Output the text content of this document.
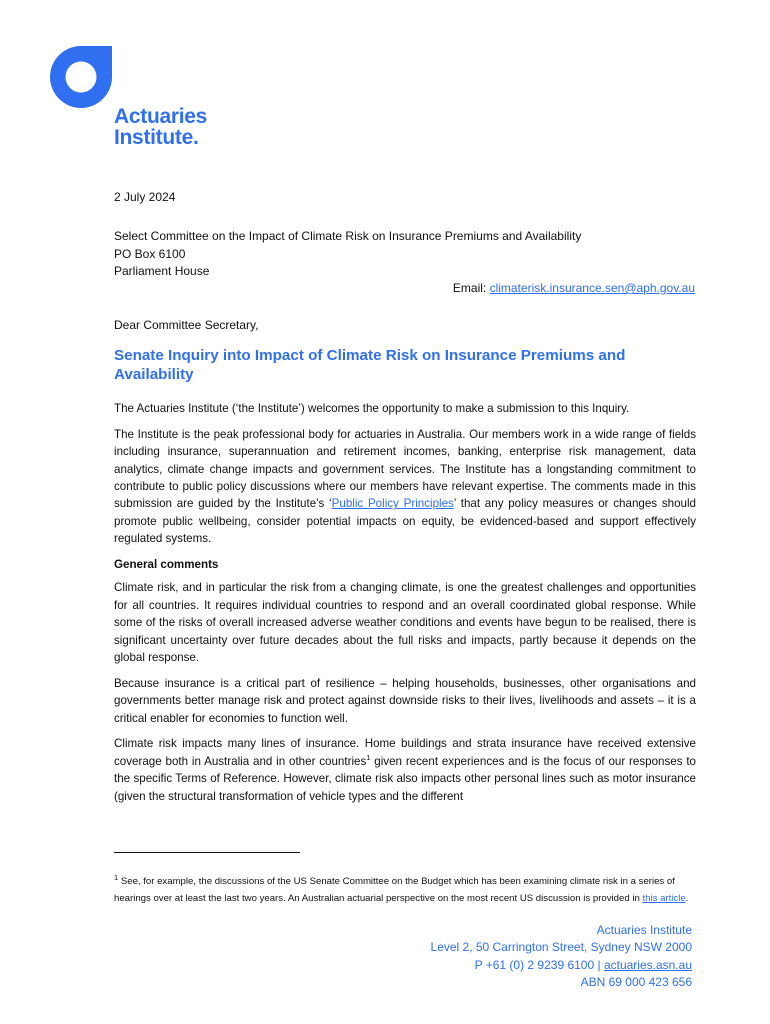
Actuaries
Institute.
2 July 2024
Select Committee on the Impact of Climate Risk on Insurance Premiums and Availability
PO Box 6100
Parliament House
Email: climaterisk.insurance.sen@aph.gov.au
Dear Committee Secretary,
Senate Inquiry into Impact of Climate Risk on Insurance Premiums and Availability

The Actuaries Institute (‘the Institute’) welcomes the opportunity to make a submission to this Inquiry.

The Institute is the peak professional body for actuaries in Australia. Our members work in a wide range of fields including insurance, superannuation and retirement incomes, banking, enterprise risk management, data analytics, climate change impacts and government services. The Institute has a longstanding commitment to contribute to public policy discussions where our members have relevant expertise. The comments made in this submission are guided by the Institute’s ‘Public Policy Principles’ that any policy measures or changes should promote public wellbeing, consider potential impacts on equity, be evidenced-based and support effectively regulated systems.

General comments

Climate risk, and in particular the risk from a changing climate, is one the greatest challenges and opportunities for all countries. It requires individual countries to respond and an overall coordinated global response. While some of the risks of overall increased adverse weather conditions and events have begun to be realised, there is significant uncertainty over future decades about the full risks and impacts, partly because it depends on the global response.

Because insurance is a critical part of resilience – helping households, businesses, other organisations and governments better manage risk and protect against downside risks to their lives, livelihoods and assets – it is a critical enabler for economies to function well.

Climate risk impacts many lines of insurance. Home buildings and strata insurance have received extensive coverage both in Australia and in other countries$^1$ given recent experiences and is the focus of our responses to the specific Terms of Reference. However, climate risk also impacts other personal lines such as motor insurance (given the structural transformation of vehicle types and the different

$^1$ See, for example, the discussions of the US Senate Committee on the Budget which has been examining climate risk in a series of hearings over at least the last two years. An Australian actuarial perspective on the most recent US discussion is provided in this article.
Actuaries Institute
Level 2, 50 Carrington Street, Sydney NSW 2000
P +61 (0) 2 9239 6100 | actuaries.asn.au
ABN 69 000 423 656
